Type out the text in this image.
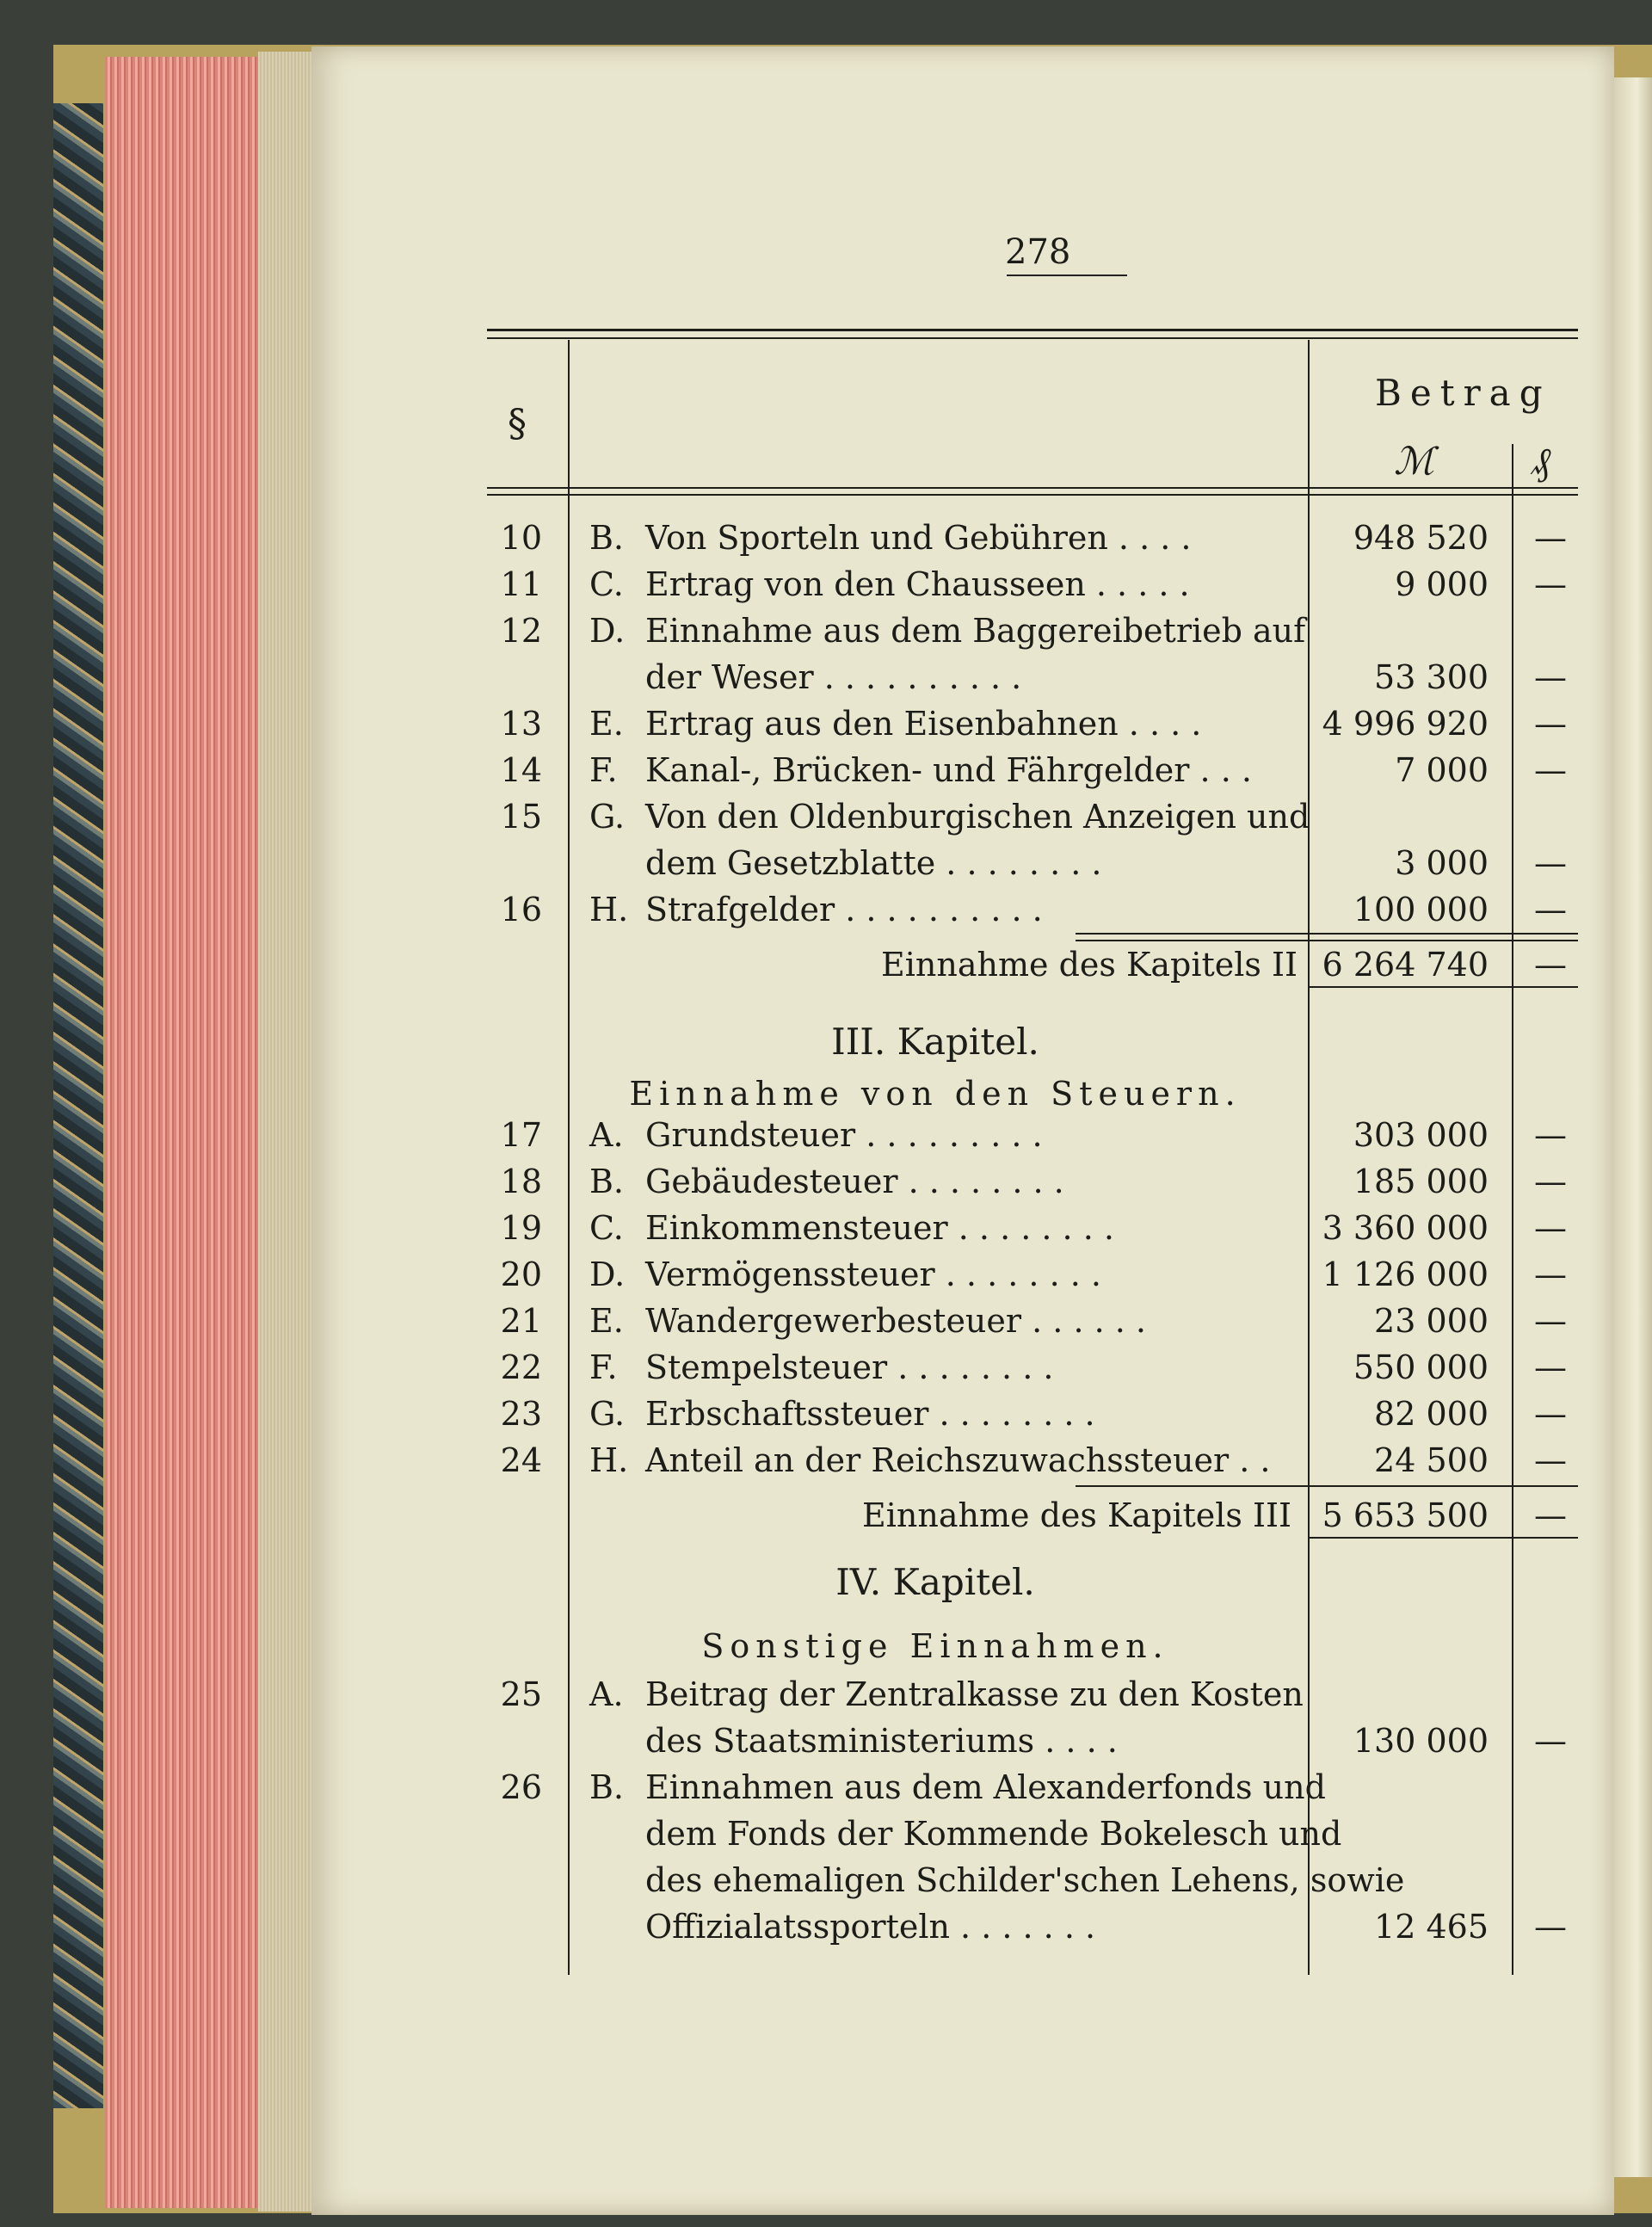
278
§
Betrag
ℳ	₰
10 B. Von Sporteln und Gebühren . . . .	948 520 —
11 C. Ertrag von den Chausseen . . . . .	9 000 —
12 D. Einnahme aus dem Baggereibetrieb auf
der Weser . . . . . . . . . .	53 300 —
13 E. Ertrag aus den Eisenbahnen . . . .	4 996 920 —
14 F. Kanal-, Brücken- und Fährgelder . . .	7 000 —
15 G. Von den Oldenburgischen Anzeigen und
dem Gesetzblatte . . . . . . . .	3 000 —
16 H. Strafgelder . . . . . . . . . .	100 000 —
Einnahme des Kapitels II 6 264 740 —
III. Kapitel.
Einnahme von den Steuern.
17 A. Grundsteuer . . . . . . . . .	303 000 —
18 B. Gebäudesteuer . . . . . . . .	185 000 —
19 C. Einkommensteuer . . . . . . . .	3 360 000 —
20 D. Vermögenssteuer . . . . . . . .	1 126 000 —
21 E. Wandergewerbesteuer . . . . . .	23 000 —
22 F. Stempelsteuer . . . . . . . .	550 000 —
23 G. Erbschaftssteuer . . . . . . . .	82 000 —
24 H. Anteil an der Reichszuwachssteuer . .	24 500 —
Einnahme des Kapitels III 5 653 500 —
IV. Kapitel.
Sonstige Einnahmen.
25 A. Beitrag der Zentralkasse zu den Kosten
des Staatsministeriums . . . .	130 000 —
26 B. Einnahmen aus dem Alexanderfonds und
dem Fonds der Kommende Bokelesch und
des ehemaligen Schilder'schen Lehens, sowie
Offizialatssporteln . . . . . . .	12 465 —
